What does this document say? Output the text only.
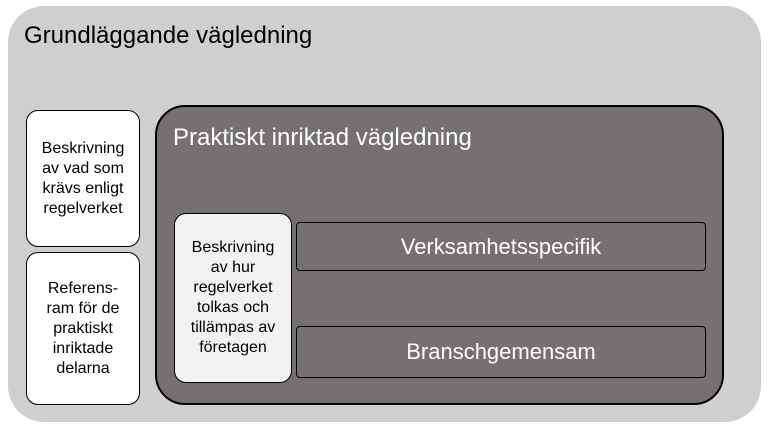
Grundläggande vägledning
Beskrivning av vad som krävs enligt regelverket
Referens-ram för de praktiskt inriktade delarna
Praktiskt inriktad vägledning
Beskrivning av hur regelverket tolkas och tillämpas av företagen
Verksamhetsspecifik
Branschgemensam
